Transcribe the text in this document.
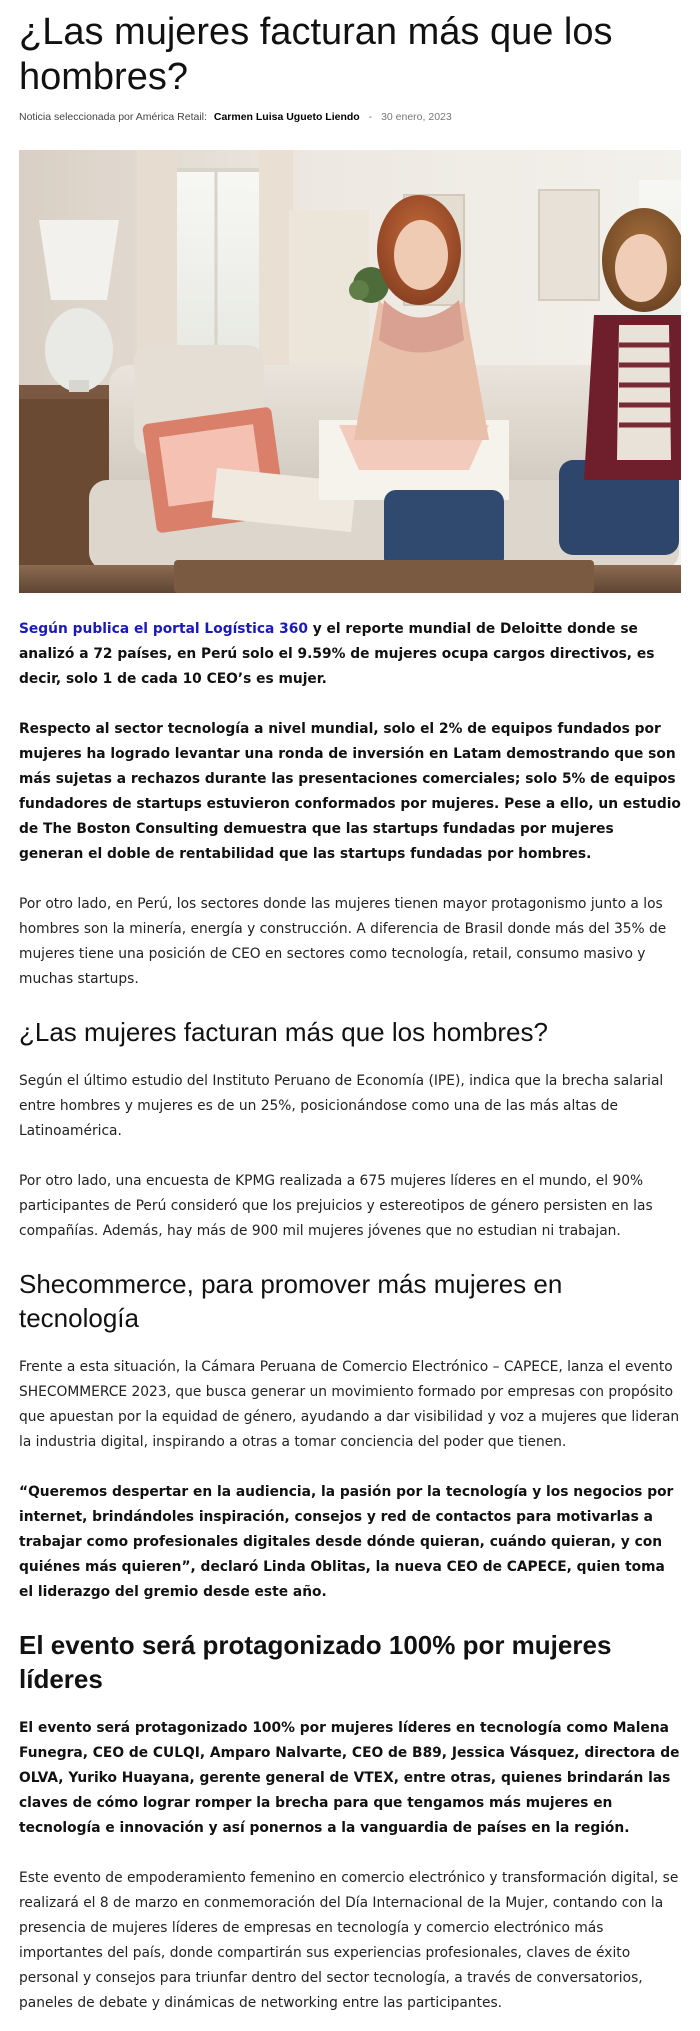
¿Las mujeres facturan más que los hombres?
Noticia seleccionada por América Retail: Carmen Luisa Ugueto Liendo - 30 enero, 2023

Según publica el portal Logística 360 y el reporte mundial de Deloitte donde se analizó a 72 países, en Perú solo el 9.59% de mujeres ocupa cargos directivos, es decir, solo 1 de cada 10 CEO’s es mujer.

Respecto al sector tecnología a nivel mundial, solo el 2% de equipos fundados por mujeres ha logrado levantar una ronda de inversión en Latam demostrando que son más sujetas a rechazos durante las presentaciones comerciales; solo 5% de equipos fundadores de startups estuvieron conformados por mujeres. Pese a ello, un estudio de The Boston Consulting demuestra que las startups fundadas por mujeres generan el doble de rentabilidad que las startups fundadas por hombres.

Por otro lado, en Perú, los sectores donde las mujeres tienen mayor protagonismo junto a los hombres son la minería, energía y construcción. A diferencia de Brasil donde más del 35% de mujeres tiene una posición de CEO en sectores como tecnología, retail, consumo masivo y muchas startups.

¿Las mujeres facturan más que los hombres?

Según el último estudio del Instituto Peruano de Economía (IPE), indica que la brecha salarial entre hombres y mujeres es de un 25%, posicionándose como una de las más altas de Latinoamérica.

Por otro lado, una encuesta de KPMG realizada a 675 mujeres líderes en el mundo, el 90% participantes de Perú consideró que los prejuicios y estereotipos de género persisten en las compañías. Además, hay más de 900 mil mujeres jóvenes que no estudian ni trabajan.

Shecommerce, para promover más mujeres en tecnología

Frente a esta situación, la Cámara Peruana de Comercio Electrónico – CAPECE, lanza el evento SHECOMMERCE 2023, que busca generar un movimiento formado por empresas con propósito que apuestan por la equidad de género, ayudando a dar visibilidad y voz a mujeres que lideran la industria digital, inspirando a otras a tomar conciencia del poder que tienen.

“Queremos despertar en la audiencia, la pasión por la tecnología y los negocios por internet, brindándoles inspiración, consejos y red de contactos para motivarlas a trabajar como profesionales digitales desde dónde quieran, cuándo quieran, y con quiénes más quieren”, declaró Linda Oblitas, la nueva CEO de CAPECE, quien toma el liderazgo del gremio desde este año.

El evento será protagonizado 100% por mujeres líderes

El evento será protagonizado 100% por mujeres líderes en tecnología como Malena Funegra, CEO de CULQI, Amparo Nalvarte, CEO de B89, Jessica Vásquez, directora de OLVA, Yuriko Huayana, gerente general de VTEX, entre otras, quienes brindarán las claves de cómo lograr romper la brecha para que tengamos más mujeres en tecnología e innovación y así ponernos a la vanguardia de países en la región.

Este evento de empoderamiento femenino en comercio electrónico y transformación digital, se realizará el 8 de marzo en conmemoración del Día Internacional de la Mujer, contando con la presencia de mujeres líderes de empresas en tecnología y comercio electrónico más importantes del país, donde compartirán sus experiencias profesionales, claves de éxito personal y consejos para triunfar dentro del sector tecnología, a través de conversatorios, paneles de debate y dinámicas de networking entre las participantes.
